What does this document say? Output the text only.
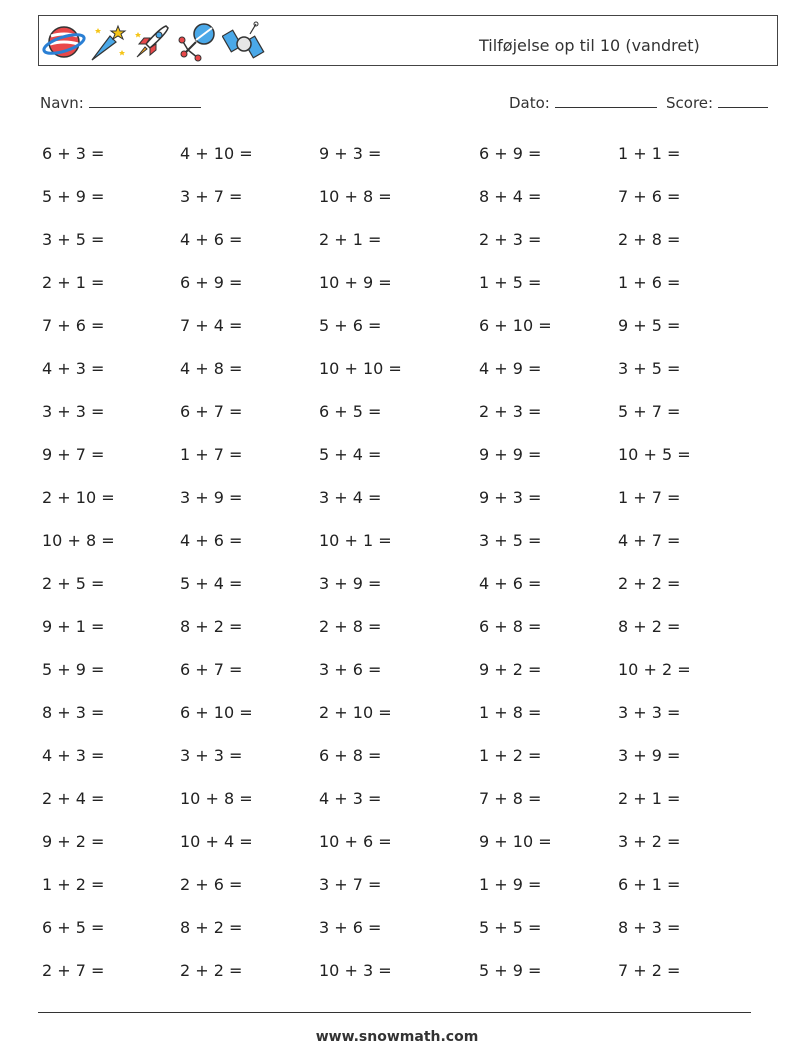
Tilføjelse op til 10 (vandret)
Navn:	Dato:	Score:
6 + 3 =	4 + 10 =	9 + 3 =	6 + 9 =	1 + 1 =
5 + 9 =	3 + 7 =	10 + 8 =	8 + 4 =	7 + 6 =
3 + 5 =	4 + 6 =	2 + 1 =	2 + 3 =	2 + 8 =
2 + 1 =	6 + 9 =	10 + 9 =	1 + 5 =	1 + 6 =
7 + 6 =	7 + 4 =	5 + 6 =	6 + 10 =	9 + 5 =
4 + 3 =	4 + 8 =	10 + 10 =	4 + 9 =	3 + 5 =
3 + 3 =	6 + 7 =	6 + 5 =	2 + 3 =	5 + 7 =
9 + 7 =	1 + 7 =	5 + 4 =	9 + 9 =	10 + 5 =
2 + 10 =	3 + 9 =	3 + 4 =	9 + 3 =	1 + 7 =
10 + 8 =	4 + 6 =	10 + 1 =	3 + 5 =	4 + 7 =
2 + 5 =	5 + 4 =	3 + 9 =	4 + 6 =	2 + 2 =
9 + 1 =	8 + 2 =	2 + 8 =	6 + 8 =	8 + 2 =
5 + 9 =	6 + 7 =	3 + 6 =	9 + 2 =	10 + 2 =
8 + 3 =	6 + 10 =	2 + 10 =	1 + 8 =	3 + 3 =
4 + 3 =	3 + 3 =	6 + 8 =	1 + 2 =	3 + 9 =
2 + 4 =	10 + 8 =	4 + 3 =	7 + 8 =	2 + 1 =
9 + 2 =	10 + 4 =	10 + 6 =	9 + 10 =	3 + 2 =
1 + 2 =	2 + 6 =	3 + 7 =	1 + 9 =	6 + 1 =
6 + 5 =	8 + 2 =	3 + 6 =	5 + 5 =	8 + 3 =
2 + 7 =	2 + 2 =	10 + 3 =	5 + 9 =	7 + 2 =
www.snowmath.com
